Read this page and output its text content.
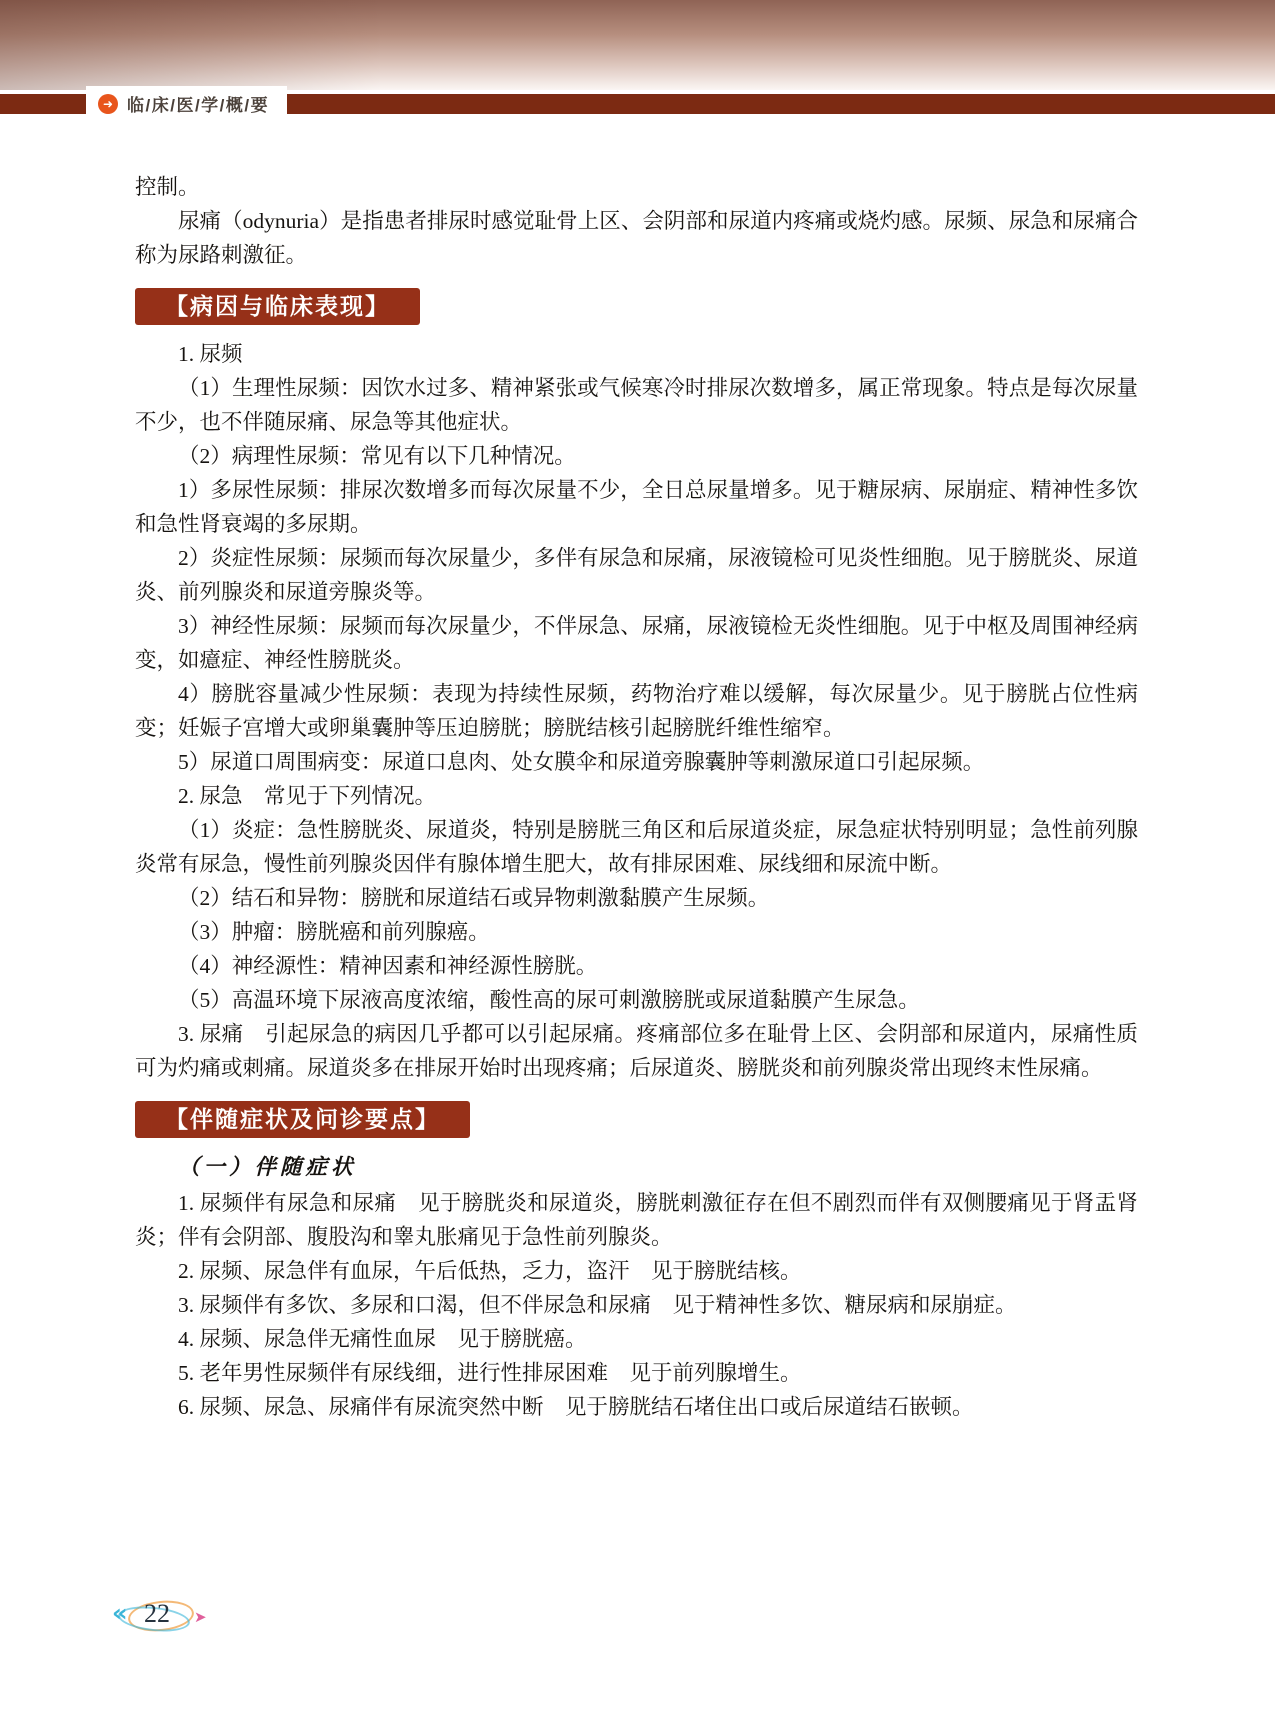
➜
临/床/医/学/概/要

控制。

尿痛（odynuria）是指患者排尿时感觉耻骨上区、会阴部和尿道内疼痛或烧灼感。尿频、尿急和尿痛合称为尿路刺激征。

【病因与临床表现】

1. 尿频

（1）生理性尿频：因饮水过多、精神紧张或气候寒冷时排尿次数增多，属正常现象。特点是每次尿量不少，也不伴随尿痛、尿急等其他症状。

（2）病理性尿频：常见有以下几种情况。

1）多尿性尿频：排尿次数增多而每次尿量不少，全日总尿量增多。见于糖尿病、尿崩症、精神性多饮和急性肾衰竭的多尿期。

2）炎症性尿频：尿频而每次尿量少，多伴有尿急和尿痛，尿液镜检可见炎性细胞。见于膀胱炎、尿道炎、前列腺炎和尿道旁腺炎等。

3）神经性尿频：尿频而每次尿量少，不伴尿急、尿痛，尿液镜检无炎性细胞。见于中枢及周围神经病变，如癔症、神经性膀胱炎。

4）膀胱容量减少性尿频：表现为持续性尿频，药物治疗难以缓解，每次尿量少。见于膀胱占位性病变；妊娠子宫增大或卵巢囊肿等压迫膀胱；膀胱结核引起膀胱纤维性缩窄。

5）尿道口周围病变：尿道口息肉、处女膜伞和尿道旁腺囊肿等刺激尿道口引起尿频。

2. 尿急　常见于下列情况。

（1）炎症：急性膀胱炎、尿道炎，特别是膀胱三角区和后尿道炎症，尿急症状特别明显；急性前列腺炎常有尿急，慢性前列腺炎因伴有腺体增生肥大，故有排尿困难、尿线细和尿流中断。

（2）结石和异物：膀胱和尿道结石或异物刺激黏膜产生尿频。

（3）肿瘤：膀胱癌和前列腺癌。

（4）神经源性：精神因素和神经源性膀胱。

（5）高温环境下尿液高度浓缩，酸性高的尿可刺激膀胱或尿道黏膜产生尿急。

3. 尿痛　引起尿急的病因几乎都可以引起尿痛。疼痛部位多在耻骨上区、会阴部和尿道内，尿痛性质可为灼痛或刺痛。尿道炎多在排尿开始时出现疼痛；后尿道炎、膀胱炎和前列腺炎常出现终末性尿痛。

【伴随症状及问诊要点】

（一）伴随症状

1. 尿频伴有尿急和尿痛　见于膀胱炎和尿道炎，膀胱刺激征存在但不剧烈而伴有双侧腰痛见于肾盂肾炎；伴有会阴部、腹股沟和睾丸胀痛见于急性前列腺炎。

2. 尿频、尿急伴有血尿，午后低热，乏力，盗汗　见于膀胱结核。

3. 尿频伴有多饮、多尿和口渴，但不伴尿急和尿痛　见于精神性多饮、糖尿病和尿崩症。

4. 尿频、尿急伴无痛性血尿　见于膀胱癌。

5. 老年男性尿频伴有尿线细，进行性排尿困难　见于前列腺增生。

6. 尿频、尿急、尿痛伴有尿流突然中断　见于膀胱结石堵住出口或后尿道结石嵌顿。

«
22
➤
